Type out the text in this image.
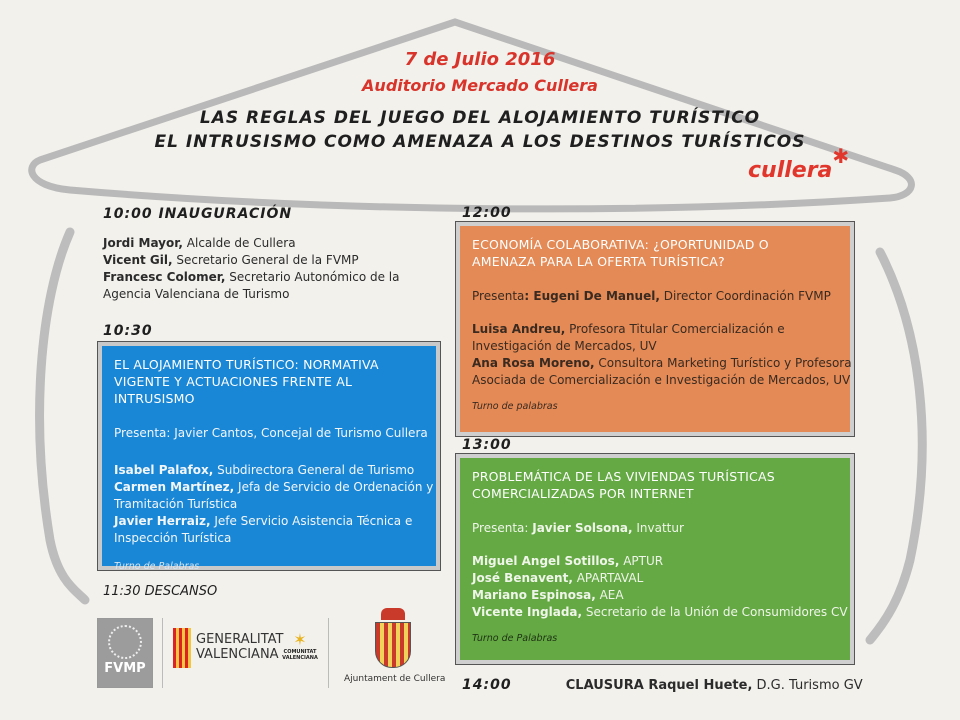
7 de Julio 2016
Auditorio Mercado Cullera
LAS REGLAS DEL JUEGO DEL ALOJAMIENTO TURÍSTICO
EL INTRUSISMO COMO AMENAZA A LOS DESTINOS TURÍSTICOS
cullera✱
10:00 INAUGURACIÓN
Jordi Mayor, Alcalde de Cullera
Vicent Gil, Secretario General de la FVMP
Francesc Colomer, Secretario Autonómico de la
Agencia Valenciana de Turismo
10:30
EL ALOJAMIENTO TURÍSTICO: NORMATIVA
VIGENTE Y ACTUACIONES FRENTE AL INTRUSISMO
Presenta: Javier Cantos, Concejal de Turismo Cullera
Isabel Palafox, Subdirectora General de Turismo
Carmen Martínez, Jefa de Servicio de Ordenación y
Tramitación Turística
Javier Herraiz, Jefe Servicio Asistencia Técnica e
Inspección Turística
Turno de Palabras
11:30 DESCANSO
12:00
ECONOMÍA COLABORATIVA: ¿OPORTUNIDAD O
AMENAZA PARA LA OFERTA TURÍSTICA?
Presenta: Eugeni De Manuel, Director Coordinación FVMP
Luisa Andreu, Profesora Titular Comercialización e
Investigación de Mercados, UV
Ana Rosa Moreno, Consultora Marketing Turístico y Profesora
Asociada de Comercialización e Investigación de Mercados, UV
Turno de palabras
13:00
PROBLEMÁTICA DE LAS VIVIENDAS TURÍSTICAS
COMERCIALIZADAS POR INTERNET
Presenta: Javier Solsona, Invattur
Miguel Angel Sotillos, APTUR
José Benavent, APARTAVAL
Mariano Espinosa, AEA
Vicente Inglada, Secretario de la Unión de Consumidores CV
Turno de Palabras
14:00	CLAUSURA Raquel Huete, D.G. Turismo GV
FVMP
GENERALITAT
VALENCIANA
✶
COMUNITAT
VALENCIANA
Ajuntament de Cullera
